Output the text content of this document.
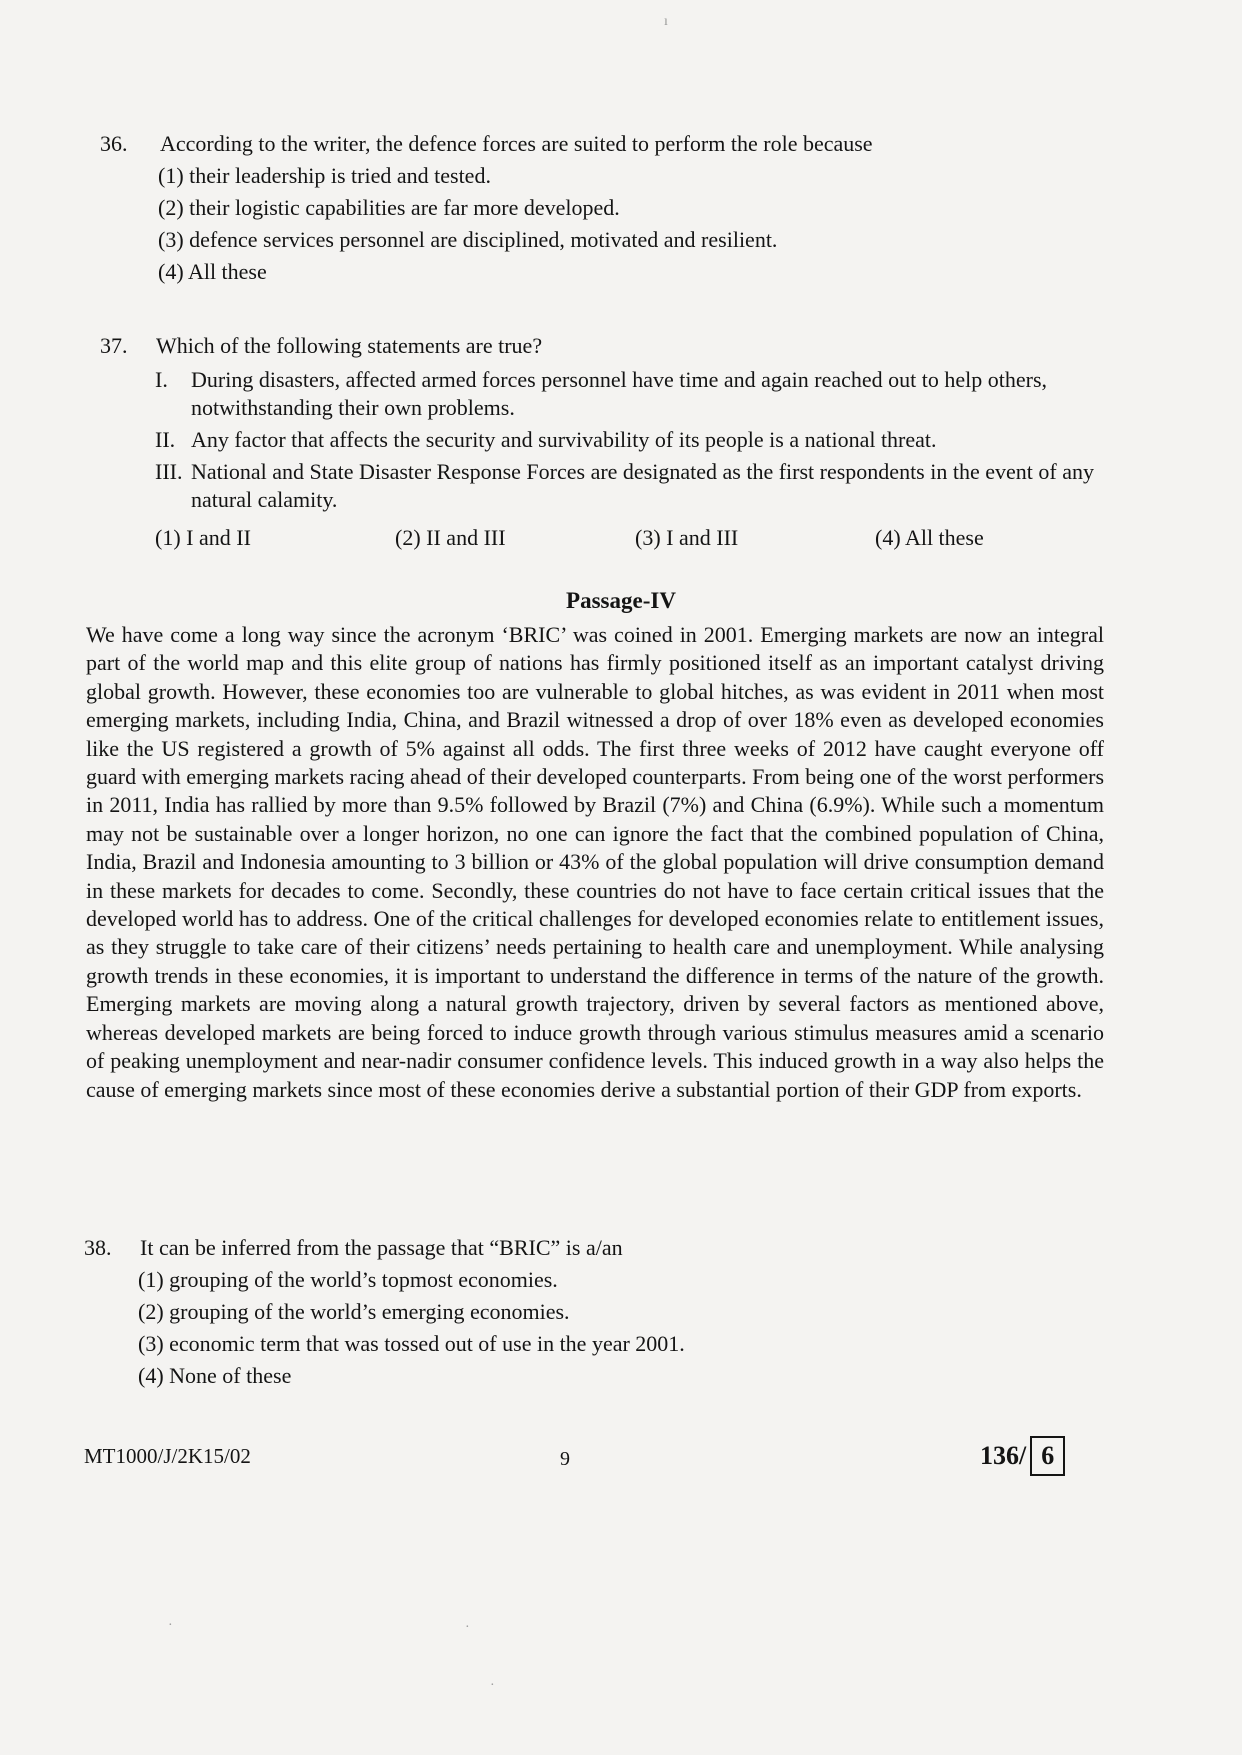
ı
36. According to the writer, the defence forces are suited to perform the role because
(1) their leadership is tried and tested.
(2) their logistic capabilities are far more developed.
(3) defence services personnel are disciplined, motivated and resilient.
(4) All these
37. Which of the following statements are true?
I.	During disasters, affected armed forces personnel have time and again reached out to help others, notwithstanding their own problems.
II. Any factor that affects the security and survivability of its people is a national threat.
III. National and State Disaster Response Forces are designated as the first respondents in the event of any natural calamity.
(1) I and II	(2) II and III	(3) I and III	(4) All these
Passage-IV
We have come a long way since the acronym ‘BRIC’ was coined in 2001. Emerging markets are now an integral part of the world map and this elite group of nations has firmly positioned itself as an important catalyst driving global growth. However, these economies too are vulnerable to global hitches, as was evident in 2011 when most emerging markets, including India, China, and Brazil witnessed a drop of over 18% even as developed economies like the US registered a growth of 5% against all odds. The first three weeks of 2012 have caught everyone off guard with emerging markets racing ahead of their developed counterparts. From being one of the worst performers in 2011, India has rallied by more than 9.5% followed by Brazil (7%) and China (6.9%). While such a momentum may not be sustainable over a longer horizon, no one can ignore the fact that the combined population of China, India, Brazil and Indonesia amounting to 3 billion or 43% of the global population will drive consumption demand in these markets for decades to come. Secondly, these countries do not have to face certain critical issues that the developed world has to address. One of the critical challenges for developed economies relate to entitlement issues, as they struggle to take care of their citizens’ needs pertaining to health care and unemployment. While analysing growth trends in these economies, it is important to understand the difference in terms of the nature of the growth. Emerging markets are moving along a natural growth trajectory, driven by several factors as mentioned above, whereas developed markets are being forced to induce growth through various stimulus measures amid a scenario of peaking unemployment and near-nadir consumer confidence levels. This induced growth in a way also helps the cause of emerging markets since most of these economies derive a substantial portion of their GDP from exports.
38. It can be inferred from the passage that “BRIC” is a/an
(1) grouping of the world’s topmost economies.
(2) grouping of the world’s emerging economies.
(3) economic term that was tossed out of use in the year 2001.
(4) None of these
MT1000/J/2K15/02	9	136/ 6
·	·
·
